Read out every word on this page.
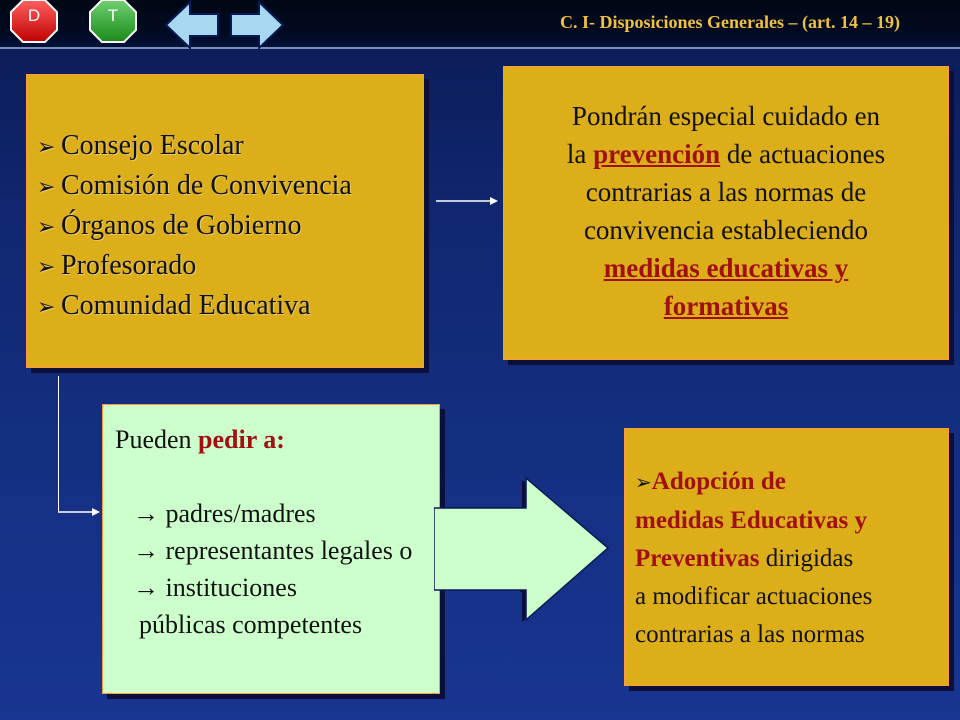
D	T	C. I- Disposiciones Generales – (art. 14 – 19)
➢ Consejo Escolar
➢ Comisión de Convivencia
➢ Órganos de Gobierno
➢ Profesorado
➢ Comunidad Educativa
Pondrán especial cuidado en
la prevención de actuaciones
contrarias a las normas de
convivencia estableciendo
medidas educativas y
formativas
Pueden pedir a:
→ padres/madres
→ representantes legales o
→ instituciones
públicas competentes
➢Adopción de
medidas Educativas y
Preventivas dirigidas
a modificar actuaciones
contrarias a las normas
